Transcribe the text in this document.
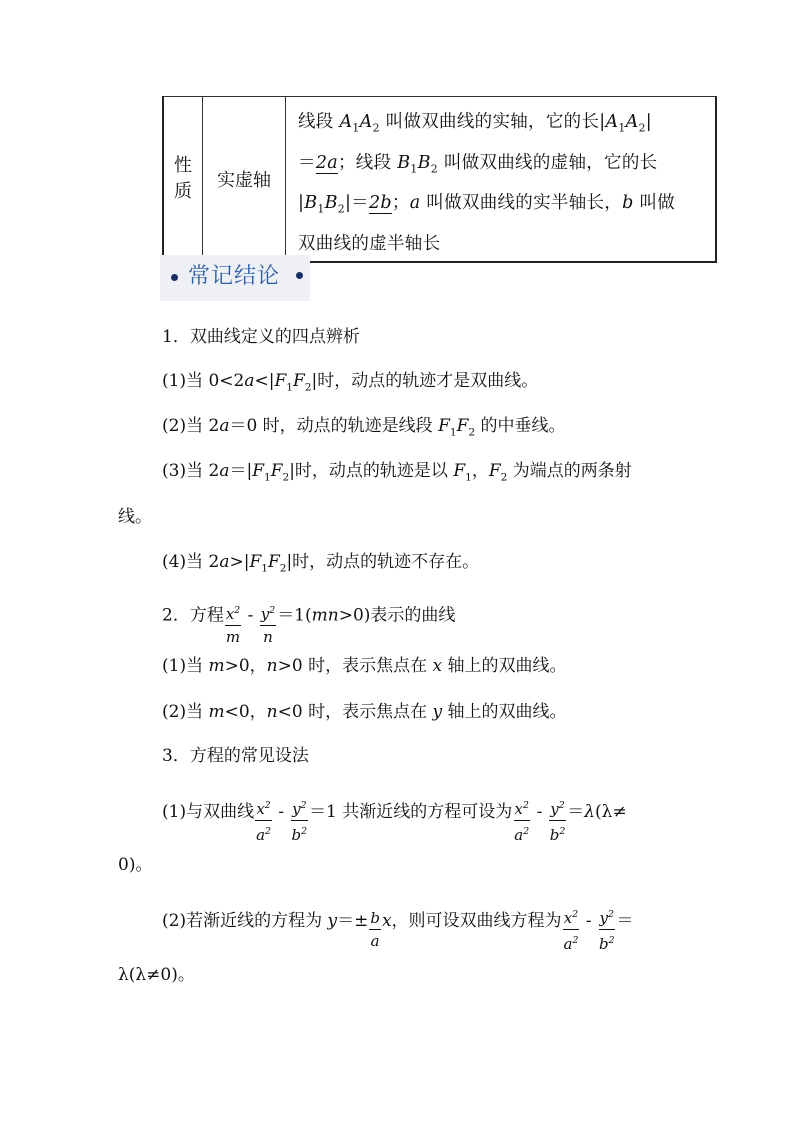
性质	实虚轴	
线段 $A_1A_2$ 叫做双曲线的实轴，它的长$|A_1A_2|$
＝2a；线段 $B_1B_2$ 叫做双曲线的虚轴，它的长
$|B_1B_2|=2b$；a 叫做双曲线的实半轴长，b 叫做
双曲线的虚半轴长
常记结论
1．双曲线定义的四点辨析
(1)当 $0<2a<|F_1F_2|$时，动点的轨迹才是双曲线。
(2)当 2a＝0 时，动点的轨迹是线段 $F_1F_2$ 的中垂线。
(3)当 $2a=|F_1F_2|$时，动点的轨迹是以 $F_1$，$F_2$ 为端点的两条射
线。
(4)当 $2a>|F_1F_2|$时，动点的轨迹不存在。
2．方程 $\frac{x^2}{m} - \frac{y^2}{n} =1(mn>0)$表示的曲线
(1)当 m>0，n>0 时，表示焦点在 x 轴上的双曲线。
(2)当 m<0，n<0 时，表示焦点在 y 轴上的双曲线。
3．方程的常见设法
(1)与双曲线 $\frac{x^2}{a^2} - \frac{y^2}{b^2} =1$ 共渐近线的方程可设为 $\frac{x^2}{a^2} - \frac{y^2}{b^2} =\lambda(\lambda\ne$
0)。
(2)若渐近线的方程为 $y=\pm \frac{b}{a}$ x，则可设双曲线方程为 $\frac{x^2}{a^2} - \frac{y^2}{b^2}$ ＝
λ(λ≠0)。
